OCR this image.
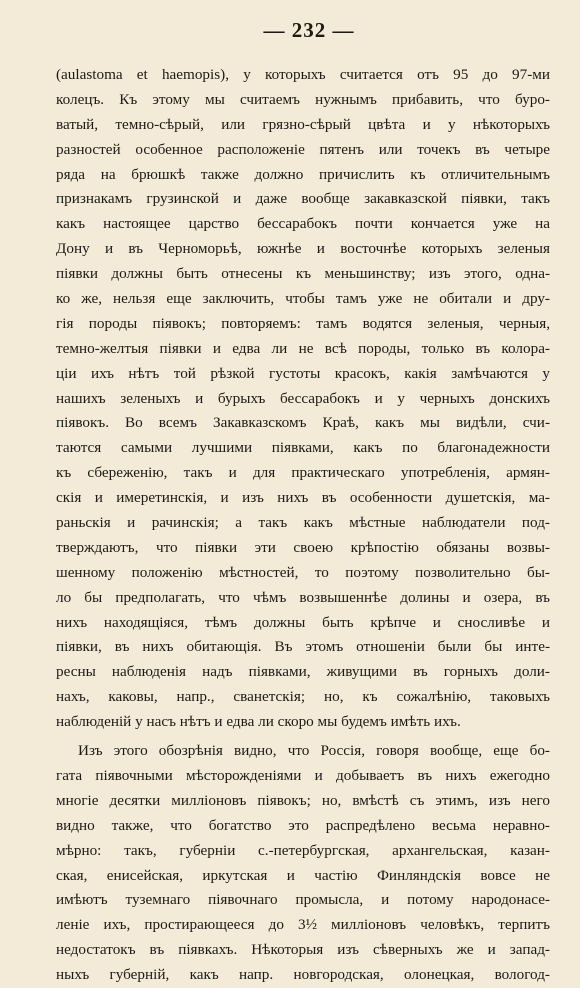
— 232 —
(aulastoma et haemopis), у которыхъ считается отъ 95 до 97-ми
колецъ. Къ этому мы считаемъ нужнымъ прибавить, что буро-
ватый, темно-сѣрый, или грязно-сѣрый цвѣта и у нѣкоторыхъ
разностей особенное расположеніе пятенъ или точекъ въ четыре
ряда на брюшкѣ также должно причислить къ отличительнымъ
признакамъ грузинской и даже вообще закавказской піявки, такъ
какъ настоящее царство бессарабокъ почти кончается уже на
Дону и въ Черноморьѣ, южнѣе и восточнѣе которыхъ зеленыя
піявки должны быть отнесены къ меньшинству; изъ этого, одна-
ко же, нельзя еще заключить, чтобы тамъ уже не обитали и дру-
гія породы піявокъ; повторяемъ: тамъ водятся зеленыя, черныя,
темно-желтыя піявки и едва ли не всѣ породы, только въ колора-
ціи ихъ нѣтъ той рѣзкой густоты красокъ, какія замѣчаются у
нашихъ зеленыхъ и бурыхъ бессарабокъ и у черныхъ донскихъ
піявокъ. Во всемъ Закавказскомъ Краѣ, какъ мы видѣли, счи-
таются самыми лучшими піявками, какъ по благонадежности
къ сбереженію, такъ и для практическаго употребленія, армян-
скія и имеретинскія, и изъ нихъ въ особенности душетскія, ма-
раньскія и рачинскія; а такъ какъ мѣстные наблюдатели под-
тверждаютъ, что піявки эти своею крѣпостію обязаны возвы-
шенному положенію мѣстностей, то поэтому позволительно бы-
ло бы предполагать, что чѣмъ возвышеннѣе долины и озера, въ
нихъ находящіяся, тѣмъ должны быть крѣпче и сносливѣе и
піявки, въ нихъ обитающія. Въ этомъ отношеніи были бы инте-
ресны наблюденія надъ піявками, живущими въ горныхъ доли-
нахъ, каковы, напр., сванетскія; но, къ сожалѣнію, таковыхъ
наблюденій у насъ нѣтъ и едва ли скоро мы будемъ имѣть ихъ.
Изъ этого обозрѣнія видно, что Россія, говоря вообще, еще бо-
гата піявочными мѣсторожденіями и добываетъ въ нихъ ежегодно
многіе десятки милліоновъ піявокъ; но, вмѣстѣ съ этимъ, изъ него
видно также, что богатство это распредѣлено весьма неравно-
мѣрно: такъ, губерніи с.-петербургская, архангельская, казан-
ская, енисейская, иркутская и частію Финляндскія вовсе не
имѣютъ туземнаго піявочнаго промысла, и потому народонасе-
леніе ихъ, простирающееся до 3½ милліоновъ человѣкъ, терпитъ
недостатокъ въ піявкахъ. Нѣкоторыя изъ сѣверныхъ же и запад-
ныхъ губерній, какъ напр. новгородская, олонецкая, вологод-
